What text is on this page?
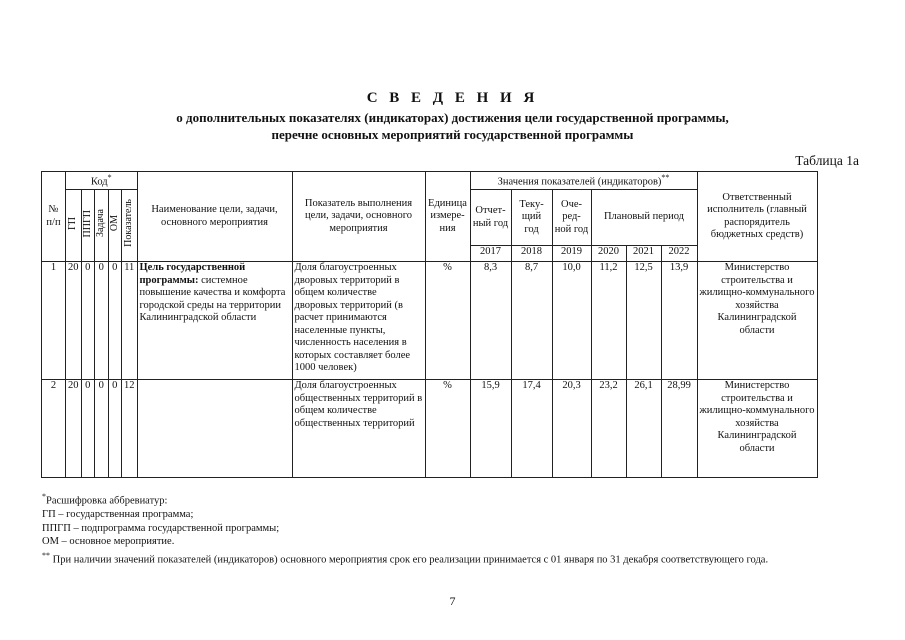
С В Е Д Е Н И Я
о дополнительных показателях (индикаторах) достижения цели государственной программы,
перечне основных мероприятий государственной программы
Таблица 1а
№ п/п	Код*					Наименование цели, задачи, основного мероприятия	Показатель выполнения цели, задачи, основного мероприятия	Единица измере-ния	Значения показателей (индикаторов)**						Ответственный исполнитель (главный распорядитель бюджетных средств)
	ГП	ППГП	Задача	ОМ	Показатель				Отчет-ный год	Теку-щий год	Оче-ред-ной год	Плановый период			
									2017	2018	2019	2020	2021	2022	
1	20	0	0	0	11	Цель государственной программы: системное повышение качества и комфорта городской среды на территории Калининградской области	Доля благоустроенных дворовых территорий в общем количестве дворовых территорий (в расчет принимаются населенные пункты, численность населения в которых составляет более 1000 человек)	%	8,3	8,7	10,0	11,2	12,5	13,9	Министерство строительства и жилищно-коммунального хозяйства Калининградской области
2	20	0	0	0	12		Доля благоустроенных общественных территорий в общем количестве общественных территорий	%	15,9	17,4	20,3	23,2	26,1	28,99	Министерство строительства и жилищно-коммунального хозяйства Калининградской области

*Расшифровка аббревиатур:

ГП – государственная программа;

ППГП – подпрограмма государственной программы;

ОМ – основное мероприятие.

** При наличии значений показателей (индикаторов) основного мероприятия срок его реализации принимается с 01 января по 31 декабря соответствующего года.

7
